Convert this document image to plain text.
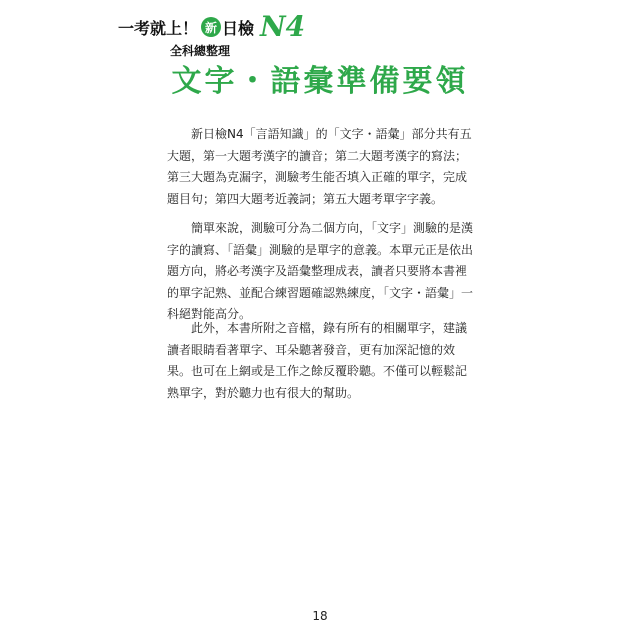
一考就上！ 新 日檢 N4
全科總整理
文字・語彙準備要領

新日檢N4「言語知識」的「文字・語彙」部分共有五大題，第一大題考漢字的讀音；第二大題考漢字的寫法；第三大題為克漏字，測驗考生能否填入正確的單字，完成題目句；第四大題考近義詞；第五大題考單字字義。

簡單來說，測驗可分為二個方向，「文字」測驗的是漢字的讀寫、「語彙」測驗的是單字的意義。本單元正是依出題方向，將必考漢字及語彙整理成表，讀者只要將本書裡的單字記熟、並配合練習題確認熟練度，「文字・語彙」一科絕對能高分。

此外，本書所附之音檔，錄有所有的相關單字，建議讀者眼睛看著單字、耳朵聽著發音，更有加深記憶的效果。也可在上網或是工作之餘反覆聆聽。不僅可以輕鬆記熟單字，對於聽力也有很大的幫助。

18
